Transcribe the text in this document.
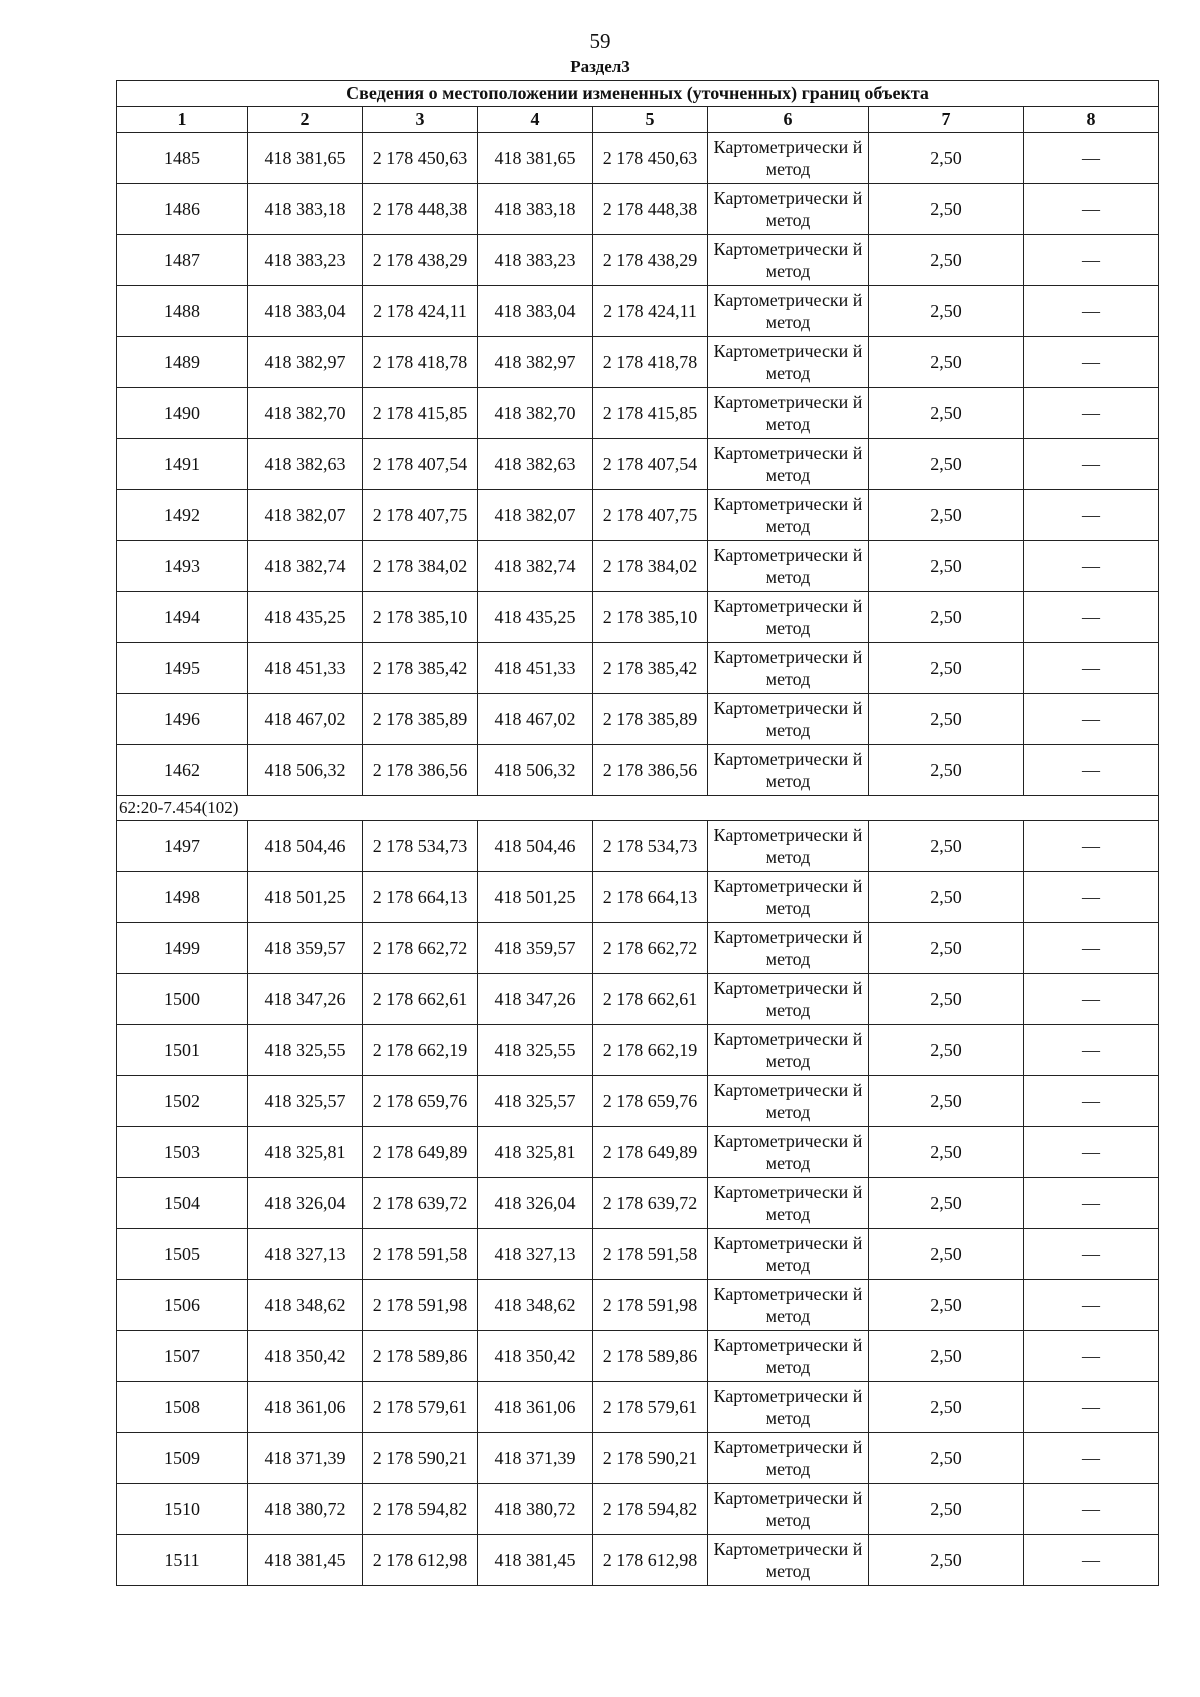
59
Раздел3
Сведения о местоположении измененных (уточненных) границ объекта							
1	2	3	4	5	6	7	8
1485	418 381,65	2 178 450,63	418 381,65	2 178 450,63	Картометрически й метод	2,50	—
1486	418 383,18	2 178 448,38	418 383,18	2 178 448,38	Картометрически й метод	2,50	—
1487	418 383,23	2 178 438,29	418 383,23	2 178 438,29	Картометрически й метод	2,50	—
1488	418 383,04	2 178 424,11	418 383,04	2 178 424,11	Картометрически й метод	2,50	—
1489	418 382,97	2 178 418,78	418 382,97	2 178 418,78	Картометрически й метод	2,50	—
1490	418 382,70	2 178 415,85	418 382,70	2 178 415,85	Картометрически й метод	2,50	—
1491	418 382,63	2 178 407,54	418 382,63	2 178 407,54	Картометрически й метод	2,50	—
1492	418 382,07	2 178 407,75	418 382,07	2 178 407,75	Картометрически й метод	2,50	—
1493	418 382,74	2 178 384,02	418 382,74	2 178 384,02	Картометрически й метод	2,50	—
1494	418 435,25	2 178 385,10	418 435,25	2 178 385,10	Картометрически й метод	2,50	—
1495	418 451,33	2 178 385,42	418 451,33	2 178 385,42	Картометрически й метод	2,50	—
1496	418 467,02	2 178 385,89	418 467,02	2 178 385,89	Картометрически й метод	2,50	—
1462	418 506,32	2 178 386,56	418 506,32	2 178 386,56	Картометрически й метод	2,50	—
62:20-7.454(102)							
1497	418 504,46	2 178 534,73	418 504,46	2 178 534,73	Картометрически й метод	2,50	—
1498	418 501,25	2 178 664,13	418 501,25	2 178 664,13	Картометрически й метод	2,50	—
1499	418 359,57	2 178 662,72	418 359,57	2 178 662,72	Картометрически й метод	2,50	—
1500	418 347,26	2 178 662,61	418 347,26	2 178 662,61	Картометрически й метод	2,50	—
1501	418 325,55	2 178 662,19	418 325,55	2 178 662,19	Картометрически й метод	2,50	—
1502	418 325,57	2 178 659,76	418 325,57	2 178 659,76	Картометрически й метод	2,50	—
1503	418 325,81	2 178 649,89	418 325,81	2 178 649,89	Картометрически й метод	2,50	—
1504	418 326,04	2 178 639,72	418 326,04	2 178 639,72	Картометрически й метод	2,50	—
1505	418 327,13	2 178 591,58	418 327,13	2 178 591,58	Картометрически й метод	2,50	—
1506	418 348,62	2 178 591,98	418 348,62	2 178 591,98	Картометрически й метод	2,50	—
1507	418 350,42	2 178 589,86	418 350,42	2 178 589,86	Картометрически й метод	2,50	—
1508	418 361,06	2 178 579,61	418 361,06	2 178 579,61	Картометрически й метод	2,50	—
1509	418 371,39	2 178 590,21	418 371,39	2 178 590,21	Картометрически й метод	2,50	—
1510	418 380,72	2 178 594,82	418 380,72	2 178 594,82	Картометрически й метод	2,50	—
1511	418 381,45	2 178 612,98	418 381,45	2 178 612,98	Картометрически й метод	2,50	—
